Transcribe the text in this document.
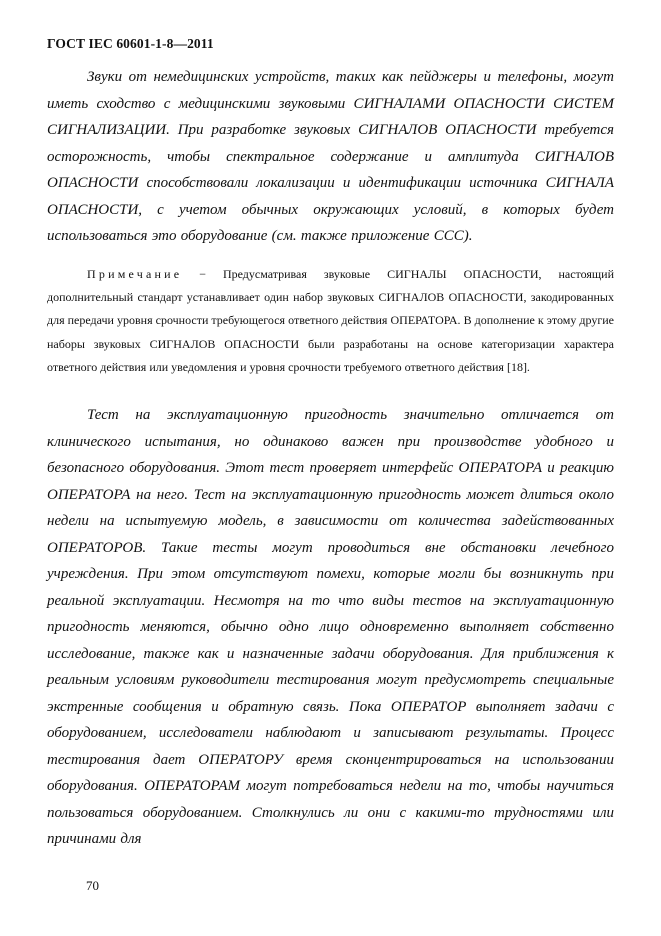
ГОСТ IEC 60601-1-8—2011
Звуки от немедицинских устройств, таких как пейджеры и телефоны, могут иметь сходство с медицинскими звуковыми СИГНАЛАМИ ОПАСНОСТИ СИСТЕМ СИГНАЛИЗАЦИИ. При разработке звуковых СИГНАЛОВ ОПАСНОСТИ требуется осторожность, чтобы спектральное содержание и амплитуда СИГНАЛОВ ОПАСНОСТИ способствовали локализации и идентификации источника СИГНАЛА ОПАСНОСТИ, с учетом обычных окружающих условий, в которых будет использоваться это оборудование (см. также приложение ССС).
Примечание − Предусматривая звуковые СИГНАЛЫ ОПАСНОСТИ, настоящий дополнительный стандарт устанавливает один набор звуковых СИГНАЛОВ ОПАСНОСТИ, закодированных для передачи уровня срочности требующегося ответного действия ОПЕРАТОРА. В дополнение к этому другие наборы звуковых СИГНАЛОВ ОПАСНОСТИ были разработаны на основе категоризации характера ответного действия или уведомления и уровня срочности требуемого ответного действия [18].
Тест на эксплуатационную пригодность значительно отличается от клинического испытания, но одинаково важен при производстве удобного и безопасного оборудования. Этот тест проверяет интерфейс ОПЕРАТОРА и реакцию ОПЕРАТОРА на него. Тест на эксплуатационную пригодность может длиться около недели на испытуемую модель, в зависимости от количества задействованных ОПЕРАТОРОВ. Такие тесты могут проводиться вне обстановки лечебного учреждения. При этом отсутствуют помехи, которые могли бы возникнуть при реальной эксплуатации. Несмотря на то что виды тестов на эксплуатационную пригодность меняются, обычно одно лицо одновременно выполняет собственно исследование, также как и назначенные задачи оборудования. Для приближения к реальным условиям руководители тестирования могут предусмотреть специальные экстренные сообщения и обратную связь. Пока ОПЕРАТОР выполняет задачи с оборудованием, исследователи наблюдают и записывают результаты. Процесс тестирования дает ОПЕРАТОРУ время сконцентрироваться на использовании оборудования. ОПЕРАТОРАМ могут потребоваться недели на то, чтобы научиться пользоваться оборудованием. Столкнулись ли они с какими-то трудностями или причинами для
70
